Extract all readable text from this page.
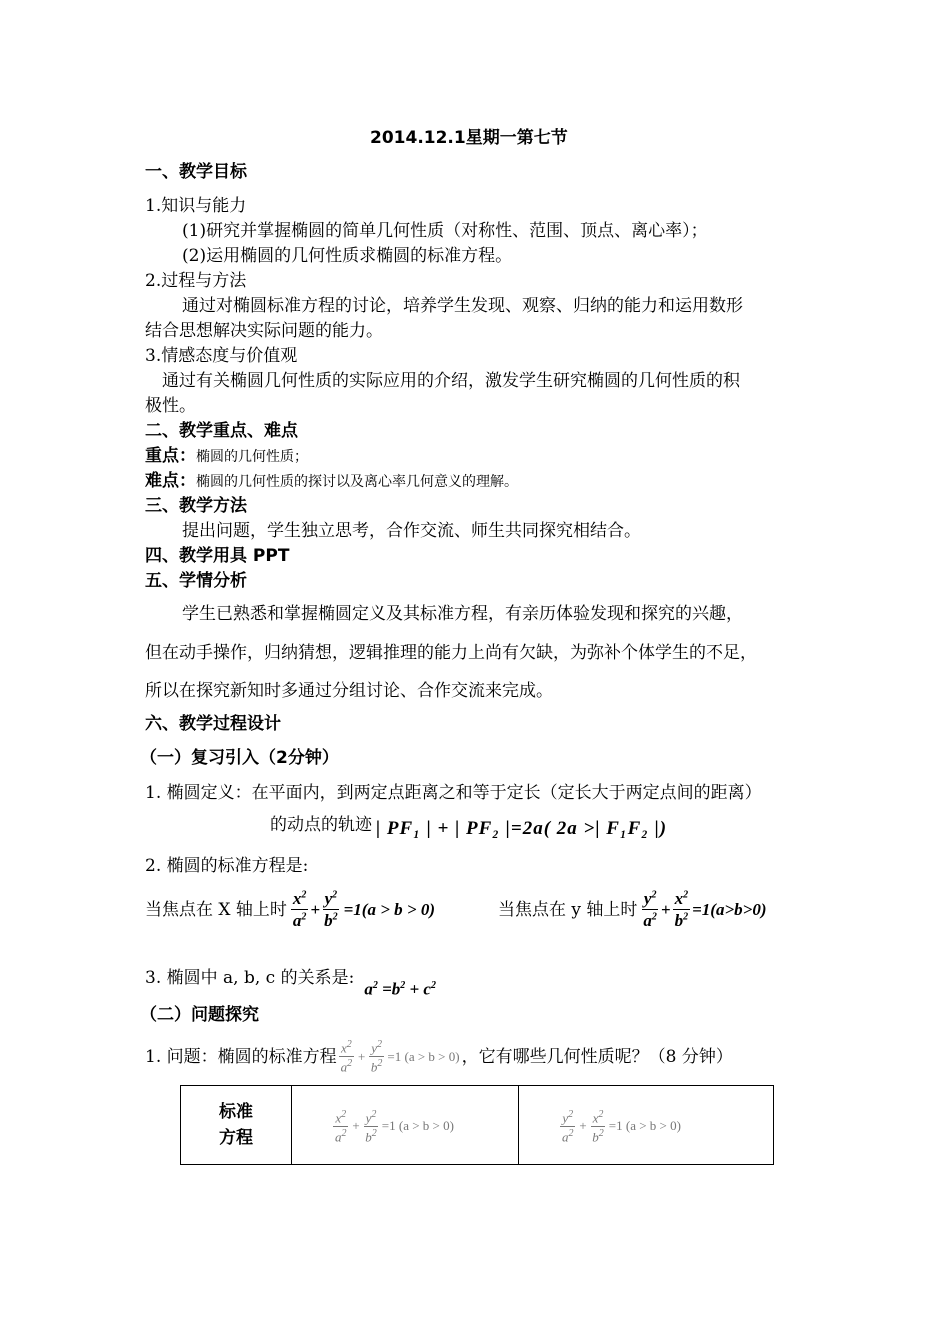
2014.12.1星期一第七节
一、教学目标
1.知识与能力
(1)研究并掌握椭圆的简单几何性质（对称性、范围、顶点、离心率）；
(2)运用椭圆的几何性质求椭圆的标准方程。
2.过程与方法
通过对椭圆标准方程的讨论，培养学生发现、观察、归纳的能力和运用数形
结合思想解决实际问题的能力。
3.情感态度与价值观
通过有关椭圆几何性质的实际应用的介绍，激发学生研究椭圆的几何性质的积
极性。
二、教学重点、难点
重点：椭圆的几何性质；
难点：椭圆的几何性质的探讨以及离心率几何意义的理解。
三、教学方法
提出问题，学生独立思考，合作交流、师生共同探究相结合。
四、教学用具 PPT
五、学情分析
学生已熟悉和掌握椭圆定义及其标准方程，有亲历体验发现和探究的兴趣，
但在动手操作，归纳猜想，逻辑推理的能力上尚有欠缺，为弥补个体学生的不足，
所以在探究新知时多通过分组讨论、合作交流来完成。
六、教学过程设计
（一）复习引入（2分钟）
1. 椭圆定义：在平面内，到两定点距离之和等于定长（定长大于两定点间的距离）
的动点的轨迹 | PF₁ | + | PF₂ |=2a( 2a >| F₁F₂ |)
2. 椭圆的标准方程是:
当焦点在 X 轴上时 $\frac{x^2}{a^2} + \frac{y^2}{b^2} =1(a > b > 0)$	当焦点在 y 轴上时 $\frac{y^2}{a^2} + \frac{x^2}{b^2} =1(a>b>0)$
3. 椭圆中 a, b, c 的关系是:
$a^2 =b^2 + c^2$
（二）问题探究
1. 问题：椭圆的标准方程 $\frac{x^2}{a^2} + \frac{y^2}{b^2} =1$ (a > b > 0) ，它有哪些几何性质呢？（8 分钟）
标准
方程	$\frac{x^2}{a^2} + \frac{y^2}{b^2} =1$ (a > b > 0)	$\frac{y^2}{a^2} + \frac{x^2}{b^2} =1$ (a > b > 0)
